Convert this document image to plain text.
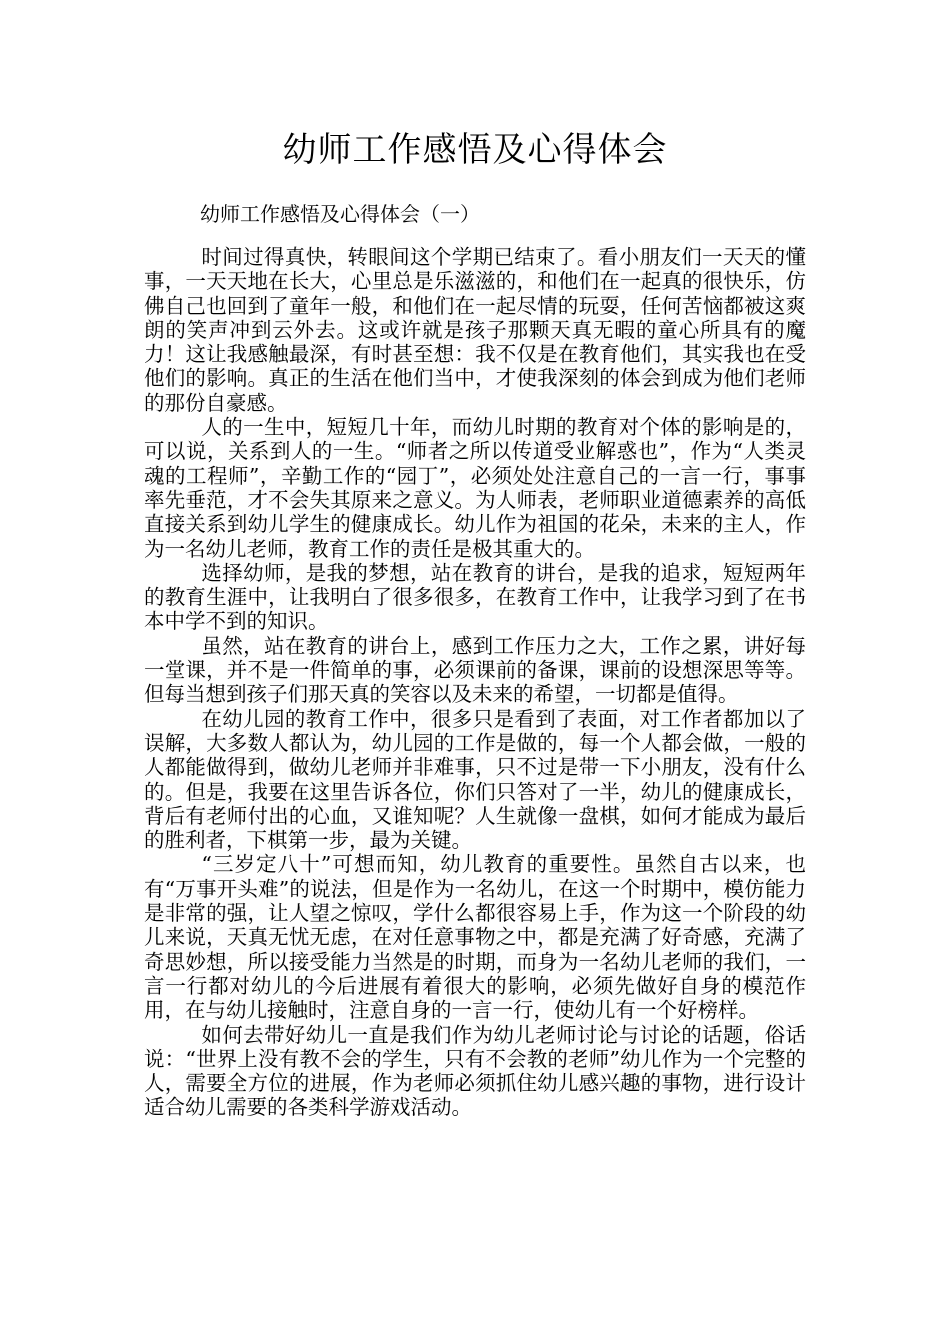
幼师工作感悟及心得体会
幼师工作感悟及心得体会（一）

时间过得真快，转眼间这个学期已结束了。看小朋友们一天天的懂事，一天天地在长大，心里总是乐滋滋的，和他们在一起真的很快乐，仿佛自己也回到了童年一般，和他们在一起尽情的玩耍，任何苦恼都被这爽朗的笑声冲到云外去。这或许就是孩子那颗天真无暇的童心所具有的魔力！这让我感触最深，有时甚至想：我不仅是在教育他们，其实我也在受他们的影响。真正的生活在他们当中，才使我深刻的体会到成为他们老师的那份自豪感。

人的一生中，短短几十年，而幼儿时期的教育对个体的影响是的，可以说，关系到人的一生。“师者之所以传道受业解惑也”，作为“人类灵魂的工程师”，辛勤工作的“园丁”，必须处处注意自己的一言一行，事事率先垂范，才不会失其原来之意义。为人师表，老师职业道德素养的高低直接关系到幼儿学生的健康成长。幼儿作为祖国的花朵，未来的主人，作为一名幼儿老师，教育工作的责任是极其重大的。

选择幼师，是我的梦想，站在教育的讲台，是我的追求，短短两年的教育生涯中，让我明白了很多很多，在教育工作中，让我学习到了在书本中学不到的知识。

虽然，站在教育的讲台上，感到工作压力之大，工作之累，讲好每一堂课，并不是一件简单的事，必须课前的备课，课前的设想深思等等。但每当想到孩子们那天真的笑容以及未来的希望，一切都是值得。

在幼儿园的教育工作中，很多只是看到了表面，对工作者都加以了误解，大多数人都认为，幼儿园的工作是做的，每一个人都会做，一般的人都能做得到，做幼儿老师并非难事，只不过是带一下小朋友，没有什么的。但是，我要在这里告诉各位，你们只答对了一半，幼儿的健康成长，背后有老师付出的心血，又谁知呢？人生就像一盘棋，如何才能成为最后的胜利者，下棋第一步，最为关键。

“三岁定八十”可想而知，幼儿教育的重要性。虽然自古以来，也有“万事开头难”的说法，但是作为一名幼儿，在这一个时期中，模仿能力是非常的强，让人望之惊叹，学什么都很容易上手，作为这一个阶段的幼儿来说，天真无忧无虑，在对任意事物之中，都是充满了好奇感，充满了奇思妙想，所以接受能力当然是的时期，而身为一名幼儿老师的我们，一言一行都对幼儿的今后进展有着很大的影响，必须先做好自身的模范作用，在与幼儿接触时，注意自身的一言一行，使幼儿有一个好榜样。

如何去带好幼儿一直是我们作为幼儿老师讨论与讨论的话题，俗话说：“世界上没有教不会的学生，只有不会教的老师”幼儿作为一个完整的人，需要全方位的进展，作为老师必须抓住幼儿感兴趣的事物，进行设计适合幼儿需要的各类科学游戏活动。
